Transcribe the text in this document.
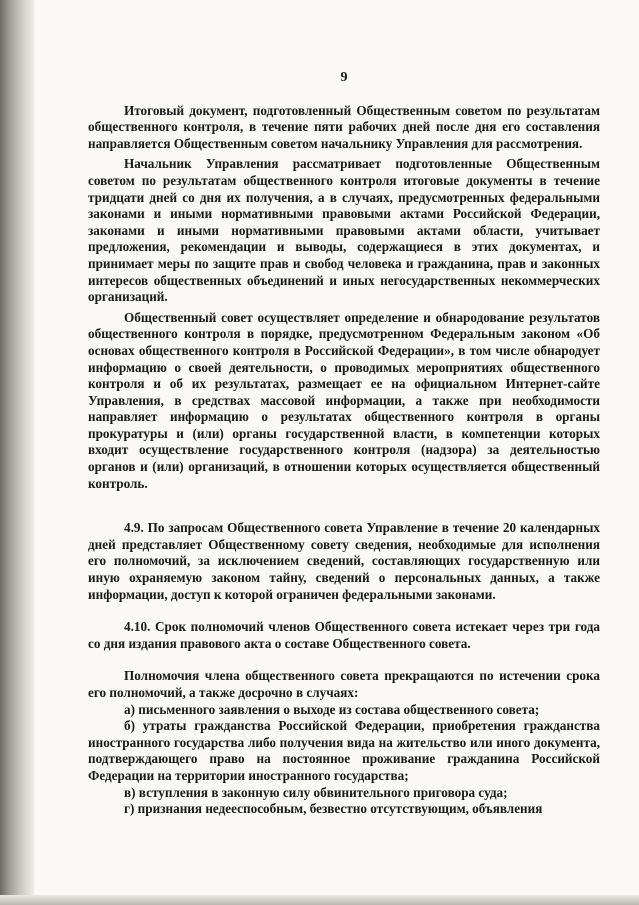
9

Итоговый документ, подготовленный Общественным советом по результатам общественного контроля, в течение пяти рабочих дней после дня его составления направляется Общественным советом начальнику Управления для рассмотрения.

Начальник Управления рассматривает подготовленные Общественным советом по результатам общественного контроля итоговые документы в течение тридцати дней со дня их получения, а в случаях, предусмотренных федеральными законами и иными нормативными правовыми актами Российской Федерации, законами и иными нормативными правовыми актами области, учитывает предложения, рекомендации и выводы, содержащиеся в этих документах, и принимает меры по защите прав и свобод человека и гражданина, прав и законных интересов общественных объединений и иных негосударственных некоммерческих организаций.

Общественный совет осуществляет определение и обнародование результатов общественного контроля в порядке, предусмотренном Федеральным законом «Об основах общественного контроля в Российской Федерации», в том числе обнародует информацию о своей деятельности, о проводимых мероприятиях общественного контроля и об их результатах, размещает ее на официальном Интернет-сайте Управления, в средствах массовой информации, а также при необходимости направляет информацию о результатах общественного контроля в органы прокуратуры и (или) органы государственной власти, в компетенции которых входит осуществление государственного контроля (надзора) за деятельностью органов и (или) организаций, в отношении которых осуществляется общественный контроль.

4.9. По запросам Общественного совета Управление в течение 20 календарных дней представляет Общественному совету сведения, необходимые для исполнения его полномочий, за исключением сведений, составляющих государственную или иную охраняемую законом тайну, сведений о персональных данных, а также информации, доступ к которой ограничен федеральными законами.

4.10. Срок полномочий членов Общественного совета истекает через три года со дня издания правового акта о составе Общественного совета.

Полномочия члена общественного совета прекращаются по истечении срока его полномочий, а также досрочно в случаях:

а) письменного заявления о выходе из состава общественного совета;

б) утраты гражданства Российской Федерации, приобретения гражданства иностранного государства либо получения вида на жительство или иного документа, подтверждающего право на постоянное проживание гражданина Российской Федерации на территории иностранного государства;

в) вступления в законную силу обвинительного приговора суда;

г) признания недееспособным, безвестно отсутствующим, объявления
